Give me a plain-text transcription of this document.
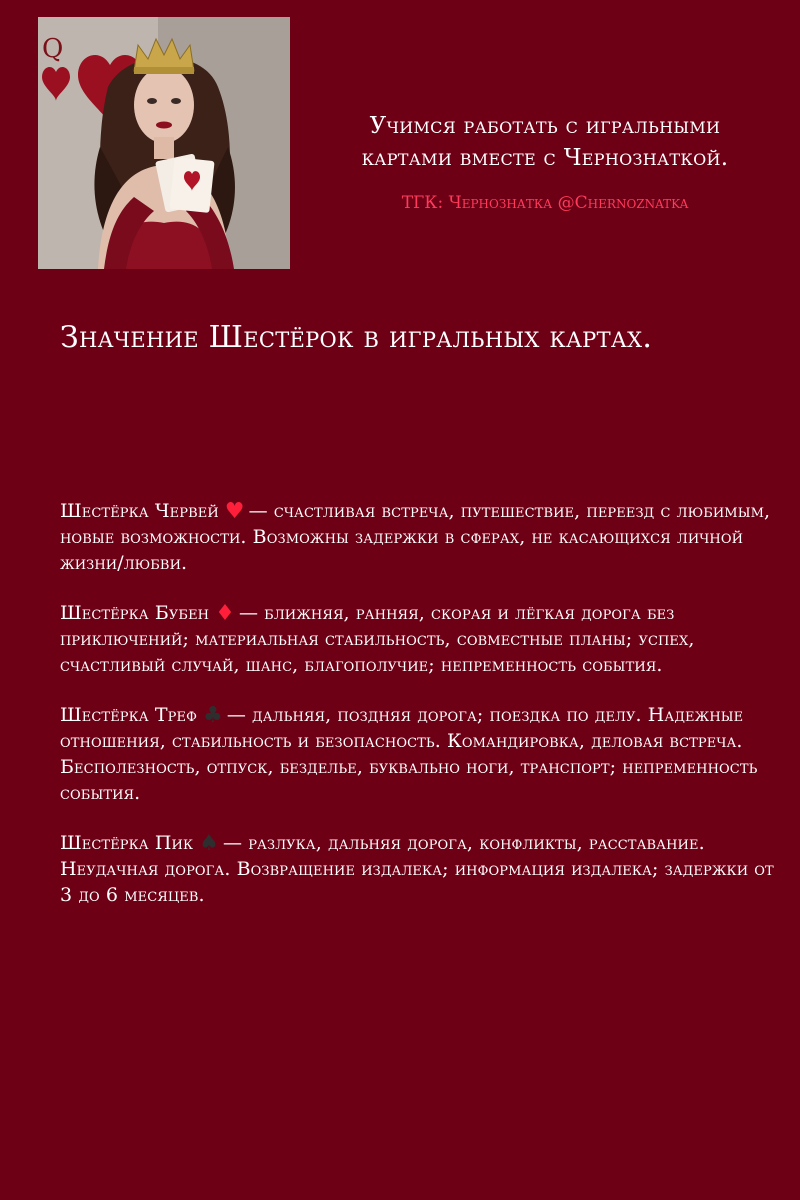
Q

Учимся работать с игральными
картами вместе с Чернознаткой.

ТГК: Чернознатка @Chernoznatka
Значение Шестёрок в игральных картах.

Шестёрка Червей ♥ — счастливая встреча, путешествие, переезд с любимым, новые возможности. Возможны задержки в сферах, не касающихся личной жизни/любви.

Шестёрка Бубен ♦ — ближняя, ранняя, скорая и лёгкая дорога без приключений; материальная стабильность, совместные планы; успех, счастливый случай, шанс, благополучие; непременность события.

Шестёрка Треф ♣ — дальняя, поздняя дорога; поездка по делу. Надежные отношения, стабильность и безопасность. Командировка, деловая встреча. Бесполезность, отпуск, безделье, буквально ноги, транспорт; непременность события.

Шестёрка Пик ♠ — разлука, дальняя дорога, конфликты, расставание. Неудачная дорога. Возвращение издалека; информация издалека; задержки от 3 до 6 месяцев.
